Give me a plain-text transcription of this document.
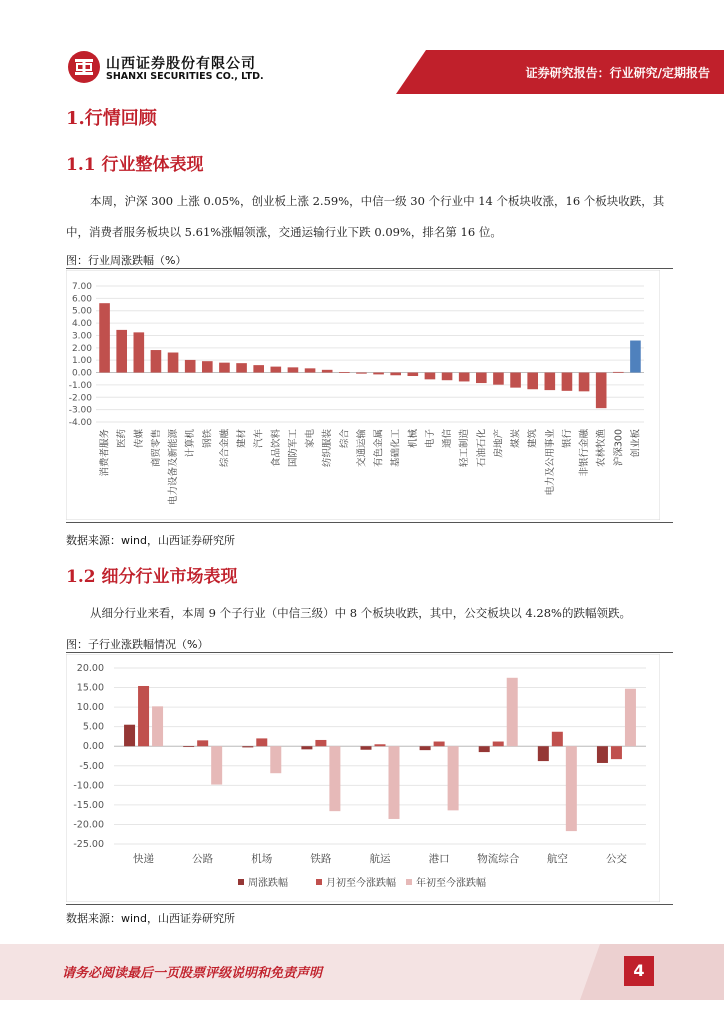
山西证券股份有限公司
SHANXI SECURITIES CO., LTD.	证券研究报告：行业研究/定期报告
1.行情回顾
1.1 行业整体表现
本周，沪深 300 上涨 0.05%，创业板上涨 2.59%，中信一级 30 个行业中 14 个板块收涨，16 个板块收跌，其中，消费者服务板块以 5.61%涨幅领涨，交通运输行业下跌 0.09%，排名第 16 位。
图：行业周涨跌幅（%）
7.00
6.00
5.00
4.00
3.00
2.00
1.00
0.00
-1.00
-2.00
-3.00
-4.00
消费者服务 医药 传媒 商贸零售 电力设备及新能源 计算机 钢铁 综合金融 建材 汽车 食品饮料 国防军工 家电 纺织服装 综合 交通运输 有色金属 基础化工 机械 电子 通信 轻工制造 石油石化 房地产 煤炭 建筑 电力及公用事业 银行 非银行金融 农林牧渔 沪深300 创业板
数据来源：wind，山西证券研究所
1.2 细分行业市场表现
从细分行业来看，本周 9 个子行业（中信三级）中 8 个板块收跌，其中，公交板块以 4.28%的跌幅领跌。
图：子行业涨跌幅情况（%）
20.00
15.00
10.00
5.00
0.00
-5.00
-10.00
-15.00
-20.00
-25.00
快递	公路	机场	铁路	航运	港口	物流综合	航空	公交
周涨跌幅	月初至今涨跌幅 年初至今涨跌幅
数据来源：wind，山西证券研究所
请务必阅读最后一页股票评级说明和免责声明	4
